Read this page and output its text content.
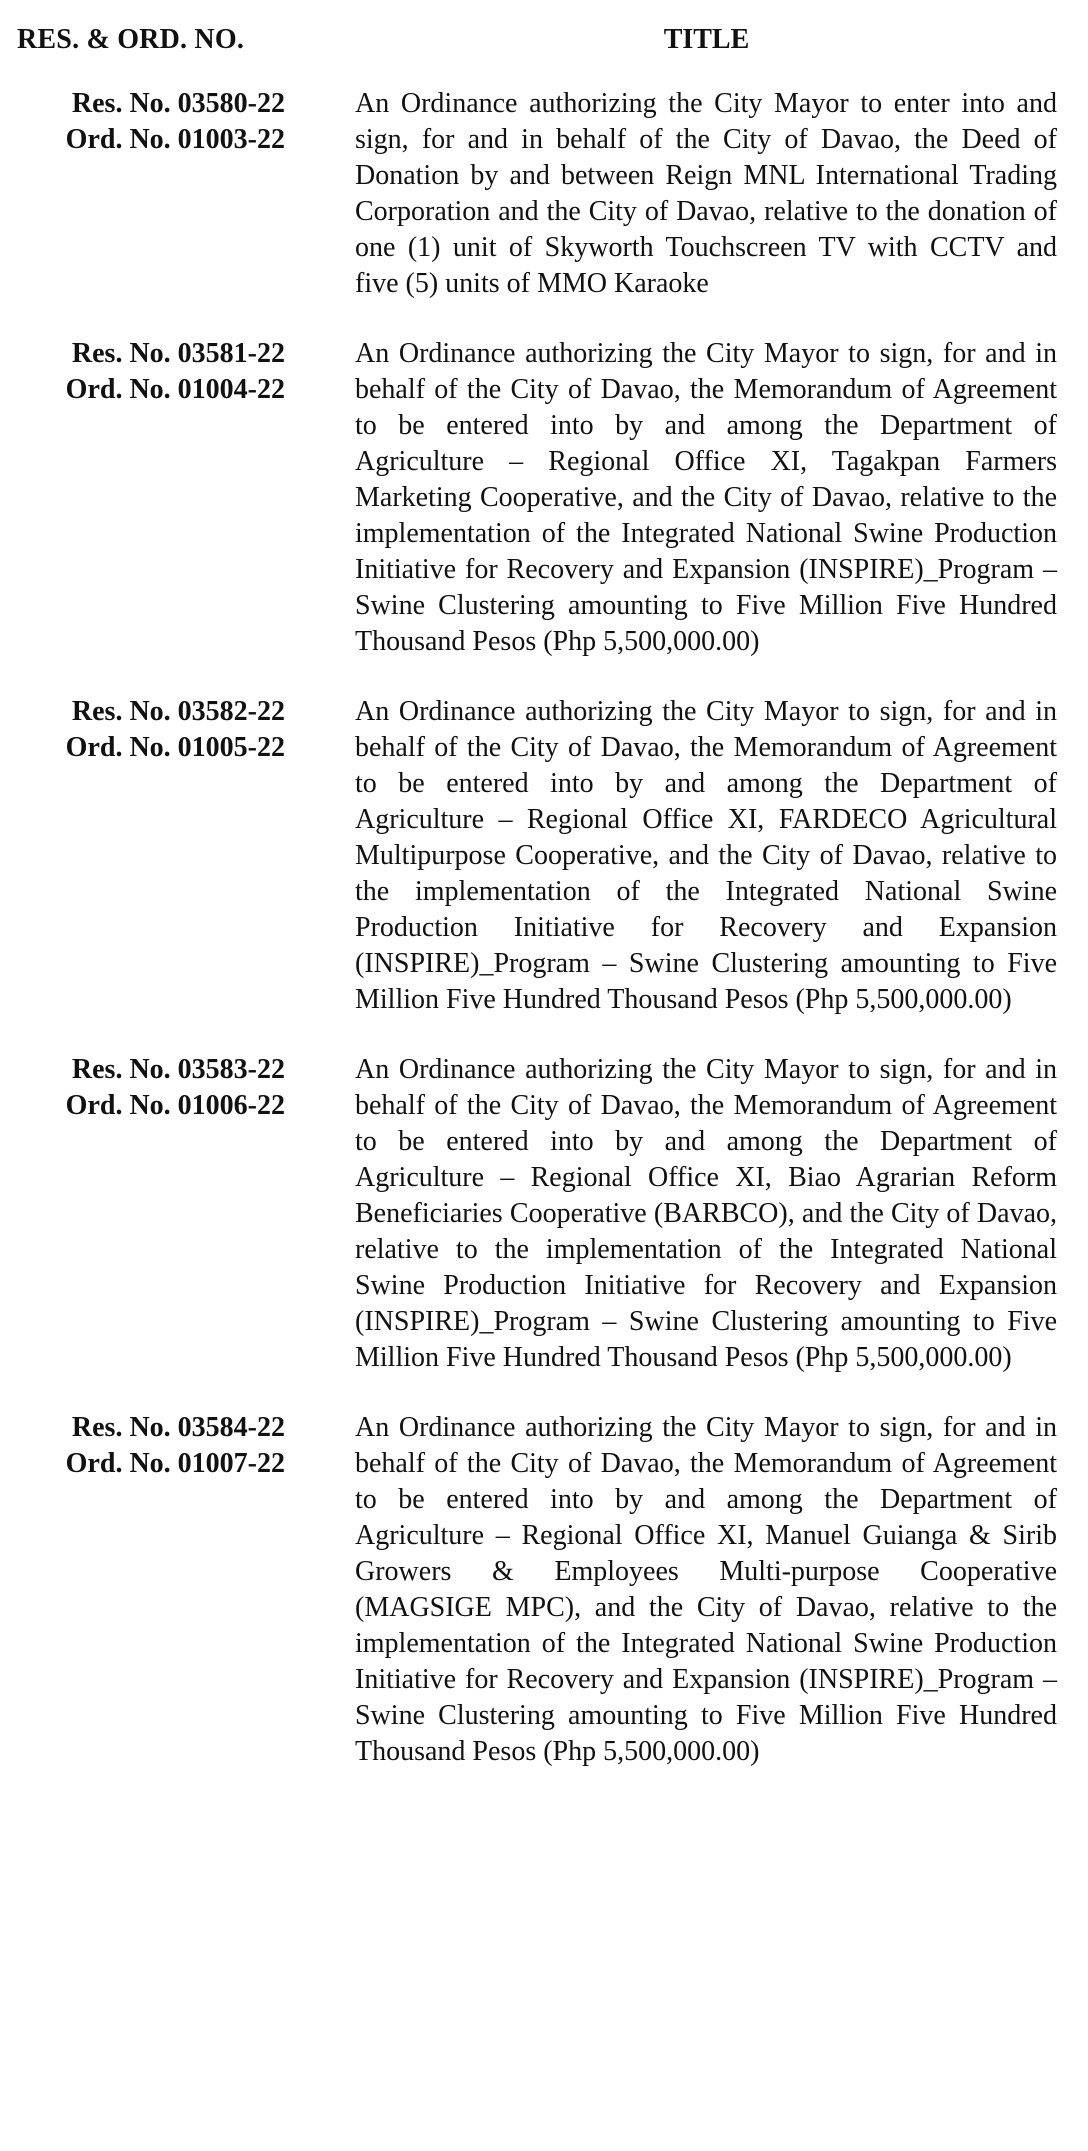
RES. & ORD. NO.	TITLE
Res. No. 03580-22
Ord. No. 01003-22
An Ordinance authorizing the City Mayor to enter into and sign, for and in behalf of the City of Davao, the Deed of Donation by and between Reign MNL International Trading Corporation and the City of Davao, relative to the donation of one (1) unit of Skyworth Touchscreen TV with CCTV and five (5) units of MMO Karaoke
Res. No. 03581-22
Ord. No. 01004-22
An Ordinance authorizing the City Mayor to sign, for and in behalf of the City of Davao, the Memorandum of Agreement to be entered into by and among the Department of Agriculture – Regional Office XI, Tagakpan Farmers Marketing Cooperative, and the City of Davao, relative to the implementation of the Integrated National Swine Production Initiative for Recovery and Expansion (INSPIRE)_Program – Swine Clustering amounting to Five Million Five Hundred Thousand Pesos (Php 5,500,000.00)
Res. No. 03582-22
Ord. No. 01005-22
An Ordinance authorizing the City Mayor to sign, for and in behalf of the City of Davao, the Memorandum of Agreement to be entered into by and among the Department of Agriculture – Regional Office XI, FARDECO Agricultural Multipurpose Cooperative, and the City of Davao, relative to the implementation of the Integrated National Swine Production Initiative for Recovery and Expansion (INSPIRE)_Program – Swine Clustering amounting to Five Million Five Hundred Thousand Pesos (Php 5,500,000.00)
Res. No. 03583-22
Ord. No. 01006-22
An Ordinance authorizing the City Mayor to sign, for and in behalf of the City of Davao, the Memorandum of Agreement to be entered into by and among the Department of Agriculture – Regional Office XI, Biao Agrarian Reform Beneficiaries Cooperative (BARBCO), and the City of Davao, relative to the implementation of the Integrated National Swine Production Initiative for Recovery and Expansion (INSPIRE)_Program – Swine Clustering amounting to Five Million Five Hundred Thousand Pesos (Php 5,500,000.00)
Res. No. 03584-22
Ord. No. 01007-22
An Ordinance authorizing the City Mayor to sign, for and in behalf of the City of Davao, the Memorandum of Agreement to be entered into by and among the Department of Agriculture – Regional Office XI, Manuel Guianga & Sirib Growers & Employees Multi-purpose Cooperative (MAGSIGE MPC), and the City of Davao, relative to the implementation of the Integrated National Swine Production Initiative for Recovery and Expansion (INSPIRE)_Program – Swine Clustering amounting to Five Million Five Hundred Thousand Pesos (Php 5,500,000.00)
